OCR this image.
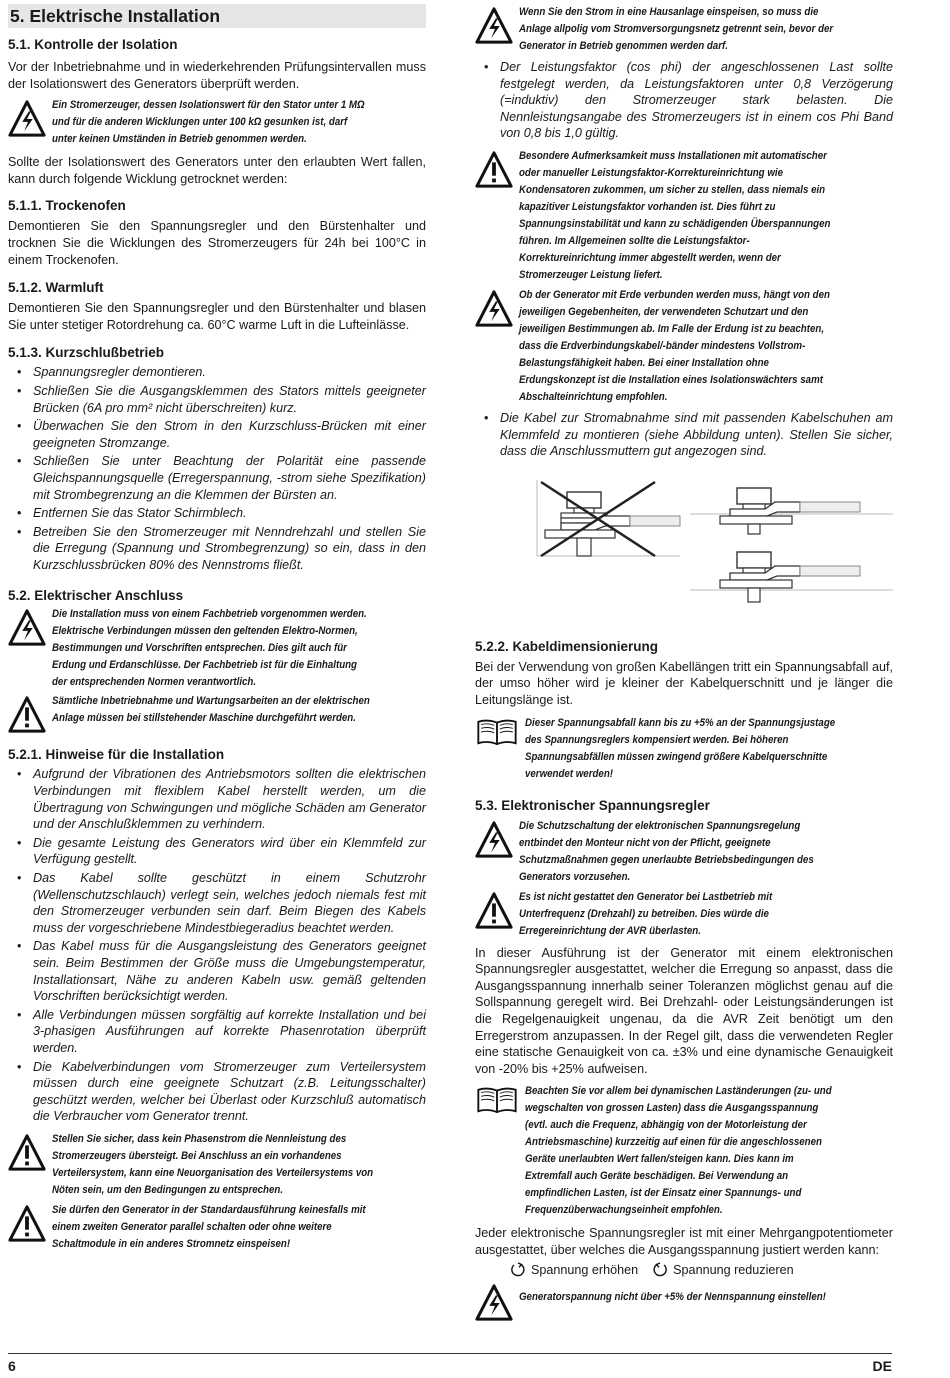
5. Elektrische Installation
5.1. Kontrolle der Isolation
Vor der Inbetriebnahme und in wiederkehrenden Prüfungsintervallen muss der Isolationswert des Generators überprüft werden.
Ein Stromerzeuger, dessen Isolationswert für den Stator unter 1 MΩ und für die anderen Wicklungen unter 100 kΩ gesunken ist, darf unter keinen Umständen in Betrieb genommen werden.
Sollte der Isolationswert des Generators unter den erlaubten Wert fallen, kann durch folgende Wicklung getrocknet werden:
5.1.1. Trockenofen
Demontieren Sie den Spannungsregler und den Bürstenhalter und trocknen Sie die Wicklungen des Stromerzeugers für 24h bei 100°C in einem Trockenofen.
5.1.2. Warmluft
Demontieren Sie den Spannungsregler und den Bürstenhalter und blasen Sie unter stetiger Rotordrehung ca. 60°C warme Luft in die Lufteinlässe.
5.1.3. Kurzschlußbetrieb
• Spannungsregler demontieren.
• Schließen Sie die Ausgangsklemmen des Stators mittels geeigneter Brücken (6A pro mm² nicht überschreiten) kurz.
• Überwachen Sie den Strom in den Kurzschluss-Brücken mit einer geeigneten Stromzange.
• Schließen Sie unter Beachtung der Polarität eine passende Gleichspannungsquelle (Erregerspannung, -strom siehe Spezifikation) mit Strombegrenzung an die Klemmen der Bürsten an.
• Entfernen Sie das Stator Schirmblech.
• Betreiben Sie den Stromerzeuger mit Nenndrehzahl und stellen Sie die Erregung (Spannung und Strombegrenzung) so ein, dass in den Kurzschlussbrücken 80% des Nennstroms fließt.
5.2. Elektrischer Anschluss
Die Installation muss von einem Fachbetrieb vorgenommen werden. Elektrische Verbindungen müssen den geltenden Elektro-Normen, Bestimmungen und Vorschriften entsprechen. Dies gilt auch für Erdung und Erdanschlüsse. Der Fachbetrieb ist für die Einhaltung der entsprechenden Normen verantwortlich.
Sämtliche Inbetriebnahme und Wartungsarbeiten an der elektrischen Anlage müssen bei stillstehender Maschine durchgeführt werden.
5.2.1. Hinweise für die Installation
• Aufgrund der Vibrationen des Antriebsmotors sollten die elektrischen Verbindungen mit flexiblem Kabel herstellt werden, um die Übertragung von Schwingungen und mögliche Schäden am Generator und der Anschlußklemmen zu verhindern.
• Die gesamte Leistung des Generators wird über ein Klemmfeld zur Verfügung gestellt.
• Das Kabel sollte geschützt in einem Schutzrohr (Wellenschutzschlauch) verlegt sein, welches jedoch niemals fest mit den Stromerzeuger verbunden sein darf. Beim Biegen des Kabels muss der vorgeschriebene Mindestbiegeradius beachtet werden.
• Das Kabel muss für die Ausgangsleistung des Generators geeignet sein. Beim Bestimmen der Größe muss die Umgebungstemperatur, Installationsart, Nähe zu anderen Kabeln usw. gemäß geltenden Vorschriften berücksichtigt werden.
• Alle Verbindungen müssen sorgfältig auf korrekte Installation und bei 3-phasigen Ausführungen auf korrekte Phasenrotation überprüft werden.
• Die Kabelverbindungen vom Stromerzeuger zum Verteilersystem müssen durch eine geeignete Schutzart (z.B. Leitungsschalter) geschützt werden, welcher bei Überlast oder Kurzschluß automatisch die Verbraucher vom Generator trennt.
Stellen Sie sicher, dass kein Phasenstrom die Nennleistung des Stromerzeugers übersteigt. Bei Anschluss an ein vorhandenes Verteilersystem, kann eine Neuorganisation des Verteilersystems von Nöten sein, um den Bedingungen zu entsprechen.
Sie dürfen den Generator in der Standardausführung keinesfalls mit einem zweiten Generator parallel schalten oder ohne weitere Schaltmodule in ein anderes Stromnetz einspeisen!
Wenn Sie den Strom in eine Hausanlage einspeisen, so muss die Anlage allpolig vom Stromversorgungsnetz getrennt sein, bevor der Generator in Betrieb genommen werden darf.
• Der Leistungsfaktor (cos phi) der angeschlossenen Last sollte festgelegt werden, da Leistungsfaktoren unter 0,8 Verzögerung (=induktiv) den Stromerzeuger stark belasten. Die Nennleistungsangabe des Stromerzeugers ist in einem cos Phi Band von 0,8 bis 1,0 gültig.
Besondere Aufmerksamkeit muss Installationen mit automatischer oder manueller Leistungsfaktor-Korrektureinrichtung wie Kondensatoren zukommen, um sicher zu stellen, dass niemals ein kapazitiver Leistungsfaktor vorhanden ist. Dies führt zu Spannungsinstabilität und kann zu schädigenden Überspannungen führen. Im Allgemeinen sollte die Leistungsfaktor-Korrektureinrichtung immer abgestellt werden, wenn der Stromerzeuger Leistung liefert.
Ob der Generator mit Erde verbunden werden muss, hängt von den jeweiligen Gegebenheiten, der verwendeten Schutzart und den jeweiligen Bestimmungen ab. Im Falle der Erdung ist zu beachten, dass die Erdverbindungskabel/-bänder mindestens Vollstrom-Belastungsfähigkeit haben. Bei einer Installation ohne Erdungskonzept ist die Installation eines Isolationswächters samt Abschalteinrichtung empfohlen.
• Die Kabel zur Stromabnahme sind mit passenden Kabelschuhen am Klemmfeld zu montieren (siehe Abbildung unten). Stellen Sie sicher, dass die Anschlussmuttern gut angezogen sind.
5.2.2. Kabeldimensionierung
Bei der Verwendung von großen Kabellängen tritt ein Spannungsabfall auf, der umso höher wird je kleiner der Kabelquerschnitt und je länger die Leitungslänge ist.
Dieser Spannungsabfall kann bis zu +5% an der Spannungsjustage des Spannungsreglers kompensiert werden. Bei höheren Spannungsabfällen müssen zwingend größere Kabelquerschnitte verwendet werden!
5.3. Elektronischer Spannungsregler
Die Schutzschaltung der elektronischen Spannungsregelung entbindet den Monteur nicht von der Pflicht, geeignete Schutzmaßnahmen gegen unerlaubte Betriebsbedingungen des Generators vorzusehen.
Es ist nicht gestattet den Generator bei Lastbetrieb mit Unterfrequenz (Drehzahl) zu betreiben. Dies würde die Erregereinrichtung der AVR überlasten.
In dieser Ausführung ist der Generator mit einem elektronischen Spannungsregler ausgestattet, welcher die Erregung so anpasst, dass die Ausgangsspannung innerhalb seiner Toleranzen möglichst genau auf die Sollspannung geregelt wird. Bei Drehzahl- oder Leistungsänderungen ist die Regelgenauigkeit ungenau, da die AVR Zeit benötigt um den Erregerstrom anzupassen. In der Regel gilt, dass die verwendeten Regler eine statische Genauigkeit von ca. ±3% und eine dynamische Genauigkeit von -20% bis +25% aufweisen.
Beachten Sie vor allem bei dynamischen Laständerungen (zu- und wegschalten von grossen Lasten) dass die Ausgangsspannung (evtl. auch die Frequenz, abhängig von der Motorleistung der Antriebsmaschine) kurzzeitig auf einen für die angeschlossenen Geräte unerlaubten Wert fallen/steigen kann. Dies kann im Extremfall auch Geräte beschädigen. Bei Verwendung an empfindlichen Lasten, ist der Einsatz einer Spannungs- und Frequenzüberwachungseinheit empfohlen.
Jeder elektronische Spannungsregler ist mit einer Mehrgangpotentiometer ausgestattet, über welches die Ausgangsspannung justiert werden kann:
Spannung erhöhen	Spannung reduzieren
Generatorspannung nicht über +5% der Nennspannung einstellen!
6	DE
